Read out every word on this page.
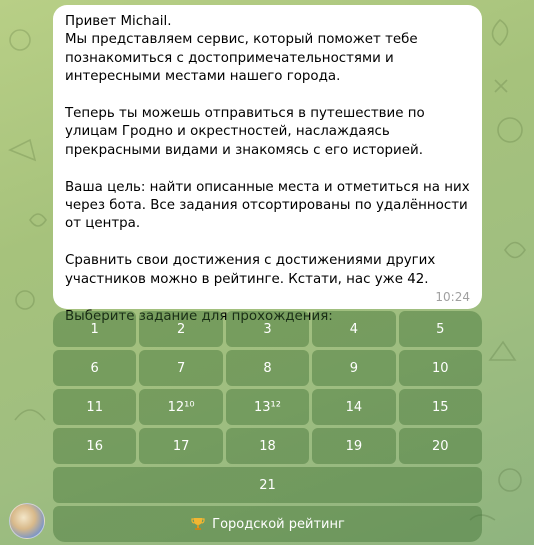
Привет Michail.
Мы представляем сервис, который поможет тебе познакомиться с достопримечательностями и интересными местами нашего города.

Теперь ты можешь отправиться в путешествие по улицам Гродно и окрестностей, наслаждаясь прекрасными видами и знакомясь с его историей.

Ваша цель: найти описанные места и отметиться на них через бота. Все задания отсортированы по удалённости от центра.

Сравнить свои достижения с достижениями других участников можно в рейтинге. Кстати, нас уже 42.

Выберите задание для прохождения:

10:24
1	2	3	4	5
6	7	8	9	10
11	12¹⁰	13¹²	14	15
16	17	18	19	20
21
Городской рейтинг
